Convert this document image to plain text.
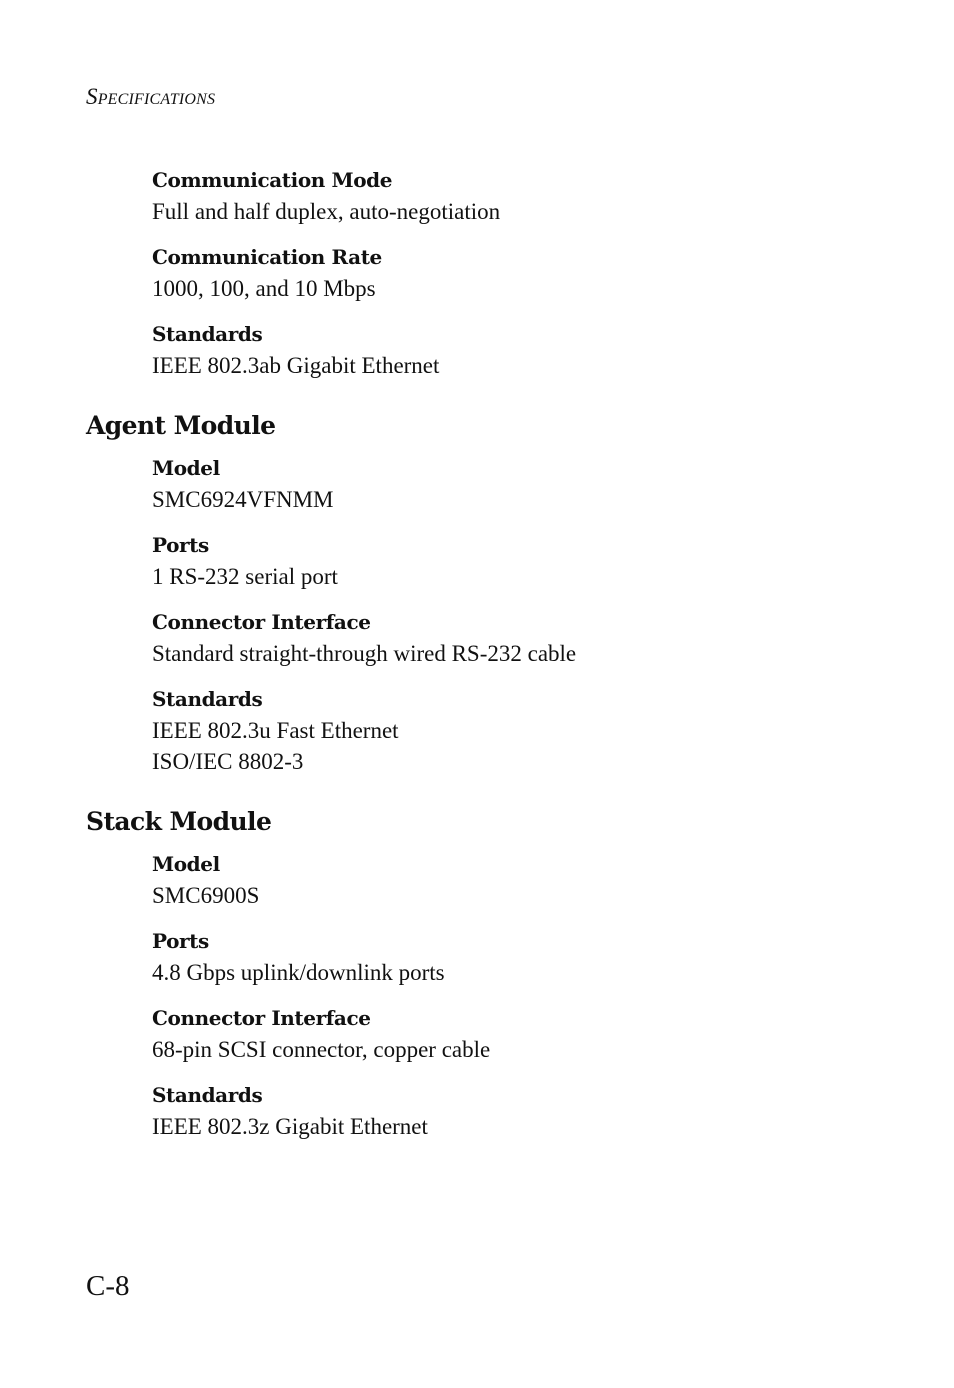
Specifications
Communication Mode
Full and half duplex, auto-negotiation
Communication Rate
1000, 100, and 10 Mbps
Standards
IEEE 802.3ab Gigabit Ethernet
Agent Module
Model
SMC6924VFNMM
Ports
1 RS-232 serial port
Connector Interface
Standard straight-through wired RS-232 cable
Standards
IEEE 802.3u Fast Ethernet
ISO/IEC 8802-3
Stack Module
Model
SMC6900S
Ports
4.8 Gbps uplink/downlink ports
Connector Interface
68-pin SCSI connector, copper cable
Standards
IEEE 802.3z Gigabit Ethernet
C-8
